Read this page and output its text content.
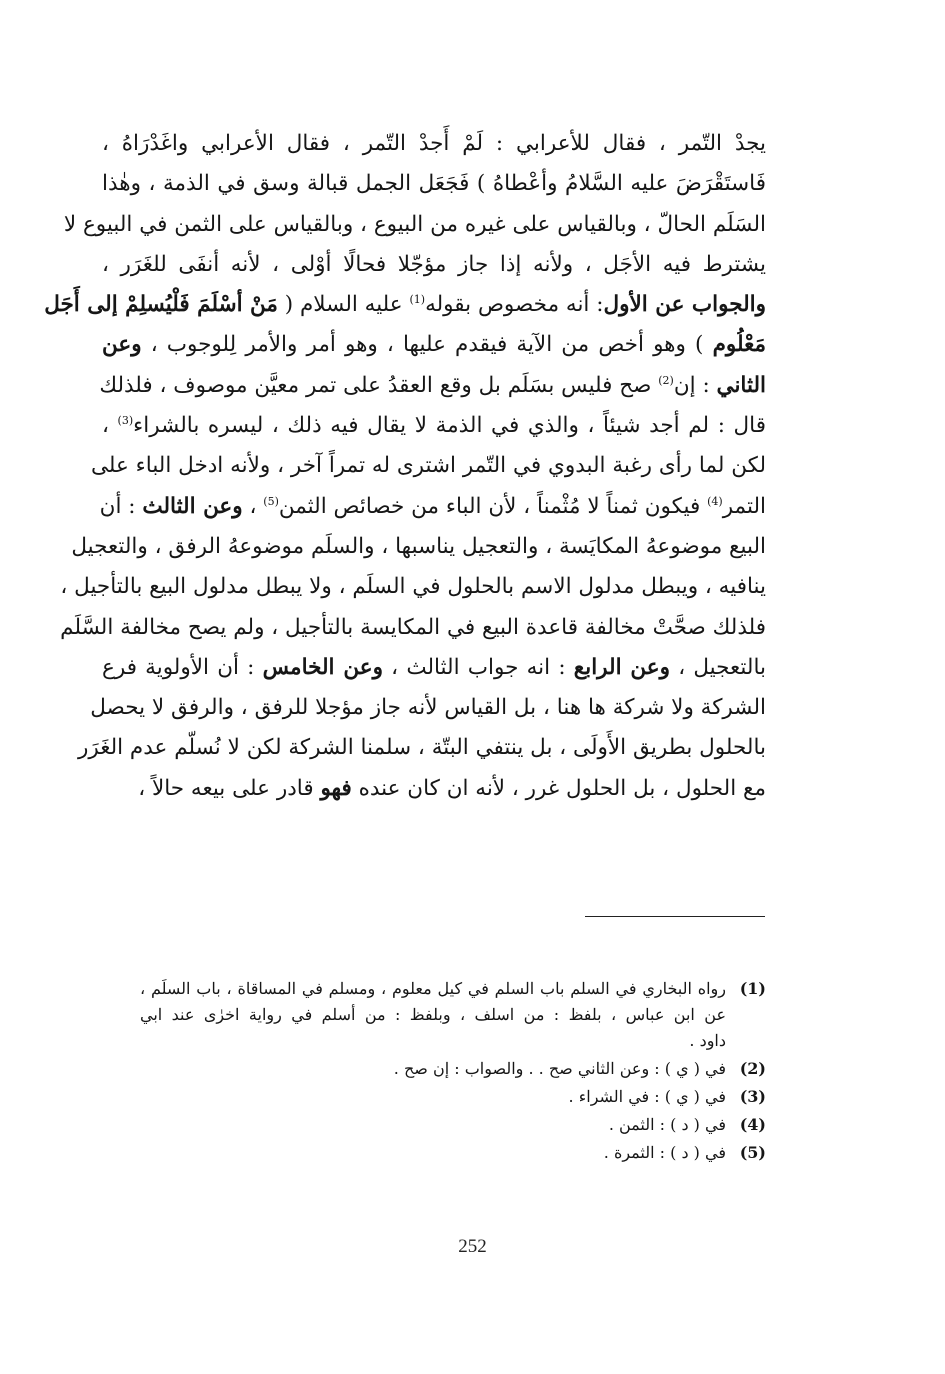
يجدْ التّمر ، فقال للأعرابي : لَمْ أَجدْ التّمر ، فقال الأعرابي واغَدْرَاهُ ،
فَاستَقْرَضَ عليه السَّلامُ وأعْطاهُ ) فَجَعَل الجمل قبالة وسق في الذمة ، وهٰذا
السَلَم الحالّ ، وبالقياس على غيره من البيوع ، وبالقياس على الثمن في البيوع لا
يشترط فيه الأجَل ، ولأنه إذا جاز مؤجّلا فحالًا أوْلى ، لأنه أنفَى للغَرَر ،
والجواب عن الأول: أنه مخصوص بقوله$^{(1)}$ عليه السلام ( مَنْ أسْلَمَ فَلْيُسلِمْ إلى أَجَل
مَعْلُوم ) وهو أخص من الآية فيقدم عليها ، وهو أمر والأمر لِلوجوب ، وعن
الثاني : إن$^{(2)}$ صح فليس بسَلَم بل وقع العقدُ على تمر معيَّن موصوف ، فلذلك
قال : لم أجد شيئاً ، والذي في الذمة لا يقال فيه ذلك ، ليسره بالشراء$^{(3)}$ ،
لكن لما رأى رغبة البدوي في التّمر اشترى له تمراً آخر ، ولأنه ادخل الباء على
التمر$^{(4)}$ فيكون ثمناً لا مُثْمناً ، لأن الباء من خصائص الثمن$^{(5)}$ ، وعن الثالث : أن
البيع موضوعهُ المكايَسة ، والتعجيل يناسبها ، والسلَم موضوعهُ الرفق ، والتعجيل
ينافيه ، ويبطل مدلول الاسم بالحلول في السلَم ، ولا يبطل مدلول البيع بالتأجيل ،
فلذلك صحَّتْ مخالفة قاعدة البيع في المكايسة بالتأجيل ، ولم يصح مخالفة السَّلَم
بالتعجيل ، وعن الرابع : انه جواب الثالث ، وعن الخامس : أن الأولوية فرع
الشركة ولا شركة ها هنا ، بل القياس لأنه جاز مؤجلا للرفق ، والرفق لا يحصل
بالحلول بطريق الأَولَى ، بل ينتفي البتّة ، سلمنا الشركة لكن لا نُسلّم عدم الغَرَر
مع الحلول ، بل الحلول غرر ، لأنه ان كان عنده فهو قادر على بيعه حالاً ،
(1)
رواه البخاري في السلم باب السلم في كيل معلوم ، ومسلم في المساقاة ، باب السلَم ،
عن ابن عباس ، بلفظ : من اسلف ، وبلفظ : من أسلم في رواية اخرٰى عند ابي
داود .
(2)
في ( ي ) : وعن الثاني صح . . والصواب : إن صح .
(3)
في ( ي ) : في الشراء .
(4)
في ( د ) : الثمن .
(5)
في ( د ) : الثمرة .
252
